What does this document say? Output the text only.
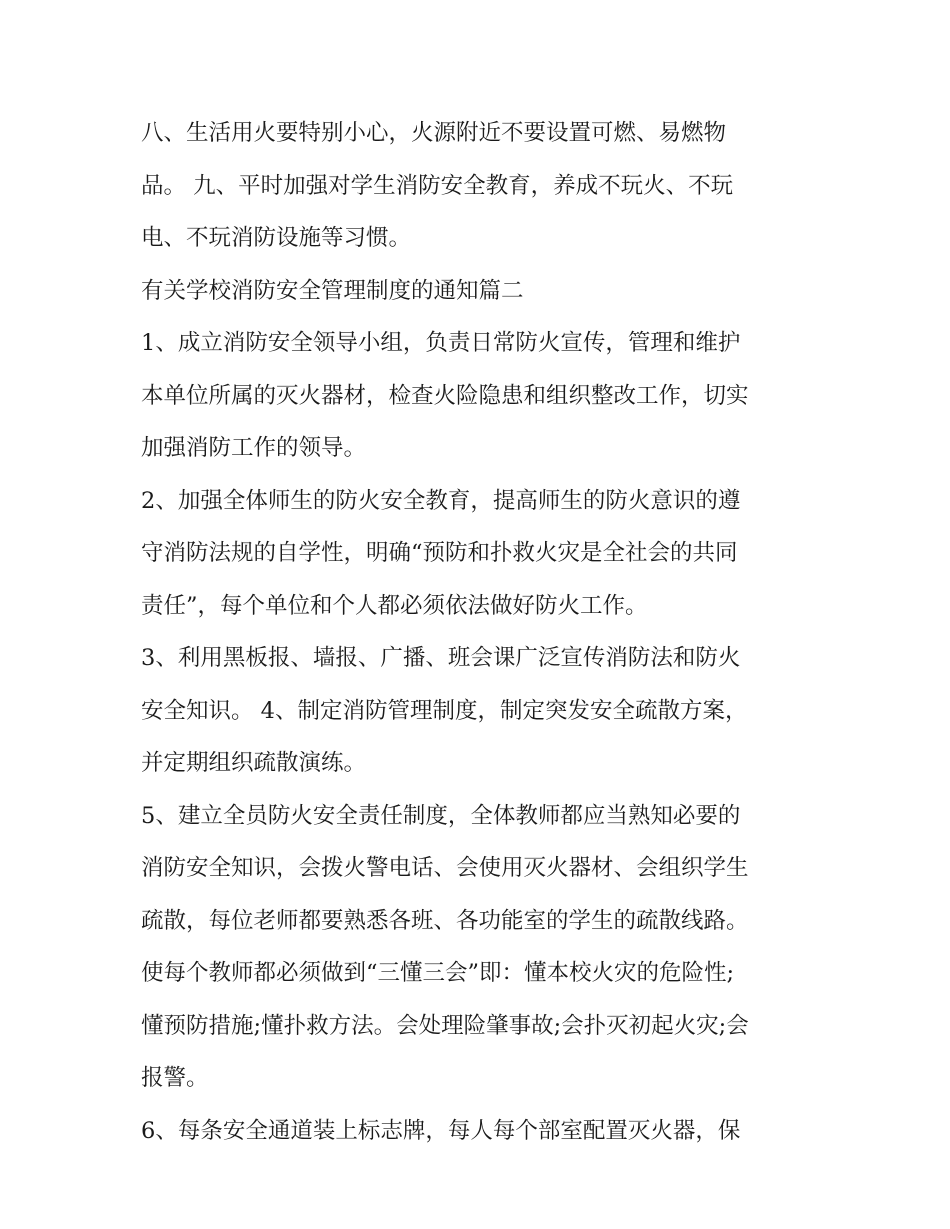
八、生活用火要特别小心，火源附近不要设置可燃、易燃物
品。 九、平时加强对学生消防安全教育，养成不玩火、不玩
电、不玩消防设施等习惯。
有关学校消防安全管理制度的通知篇二
1、成立消防安全领导小组，负责日常防火宣传，管理和维护
本单位所属的灭火器材，检查火险隐患和组织整改工作，切实
加强消防工作的领导。
2、加强全体师生的防火安全教育，提高师生的防火意识的遵
守消防法规的自学性，明确“预防和扑救火灾是全社会的共同
责任”，每个单位和个人都必须依法做好防火工作。
3、利用黑板报、墙报、广播、班会课广泛宣传消防法和防火
安全知识。 4、制定消防管理制度，制定突发安全疏散方案，
并定期组织疏散演练。
5、建立全员防火安全责任制度，全体教师都应当熟知必要的
消防安全知识，会拨火警电话、会使用灭火器材、会组织学生
疏散，每位老师都要熟悉各班、各功能室的学生的疏散线路。
使每个教师都必须做到“三懂三会”即：懂本校火灾的危险性;
懂预防措施;懂扑救方法。会处理险肇事故;会扑灭初起火灾;会
报警。
6、每条安全通道装上标志牌，每人每个部室配置灭火器，保
